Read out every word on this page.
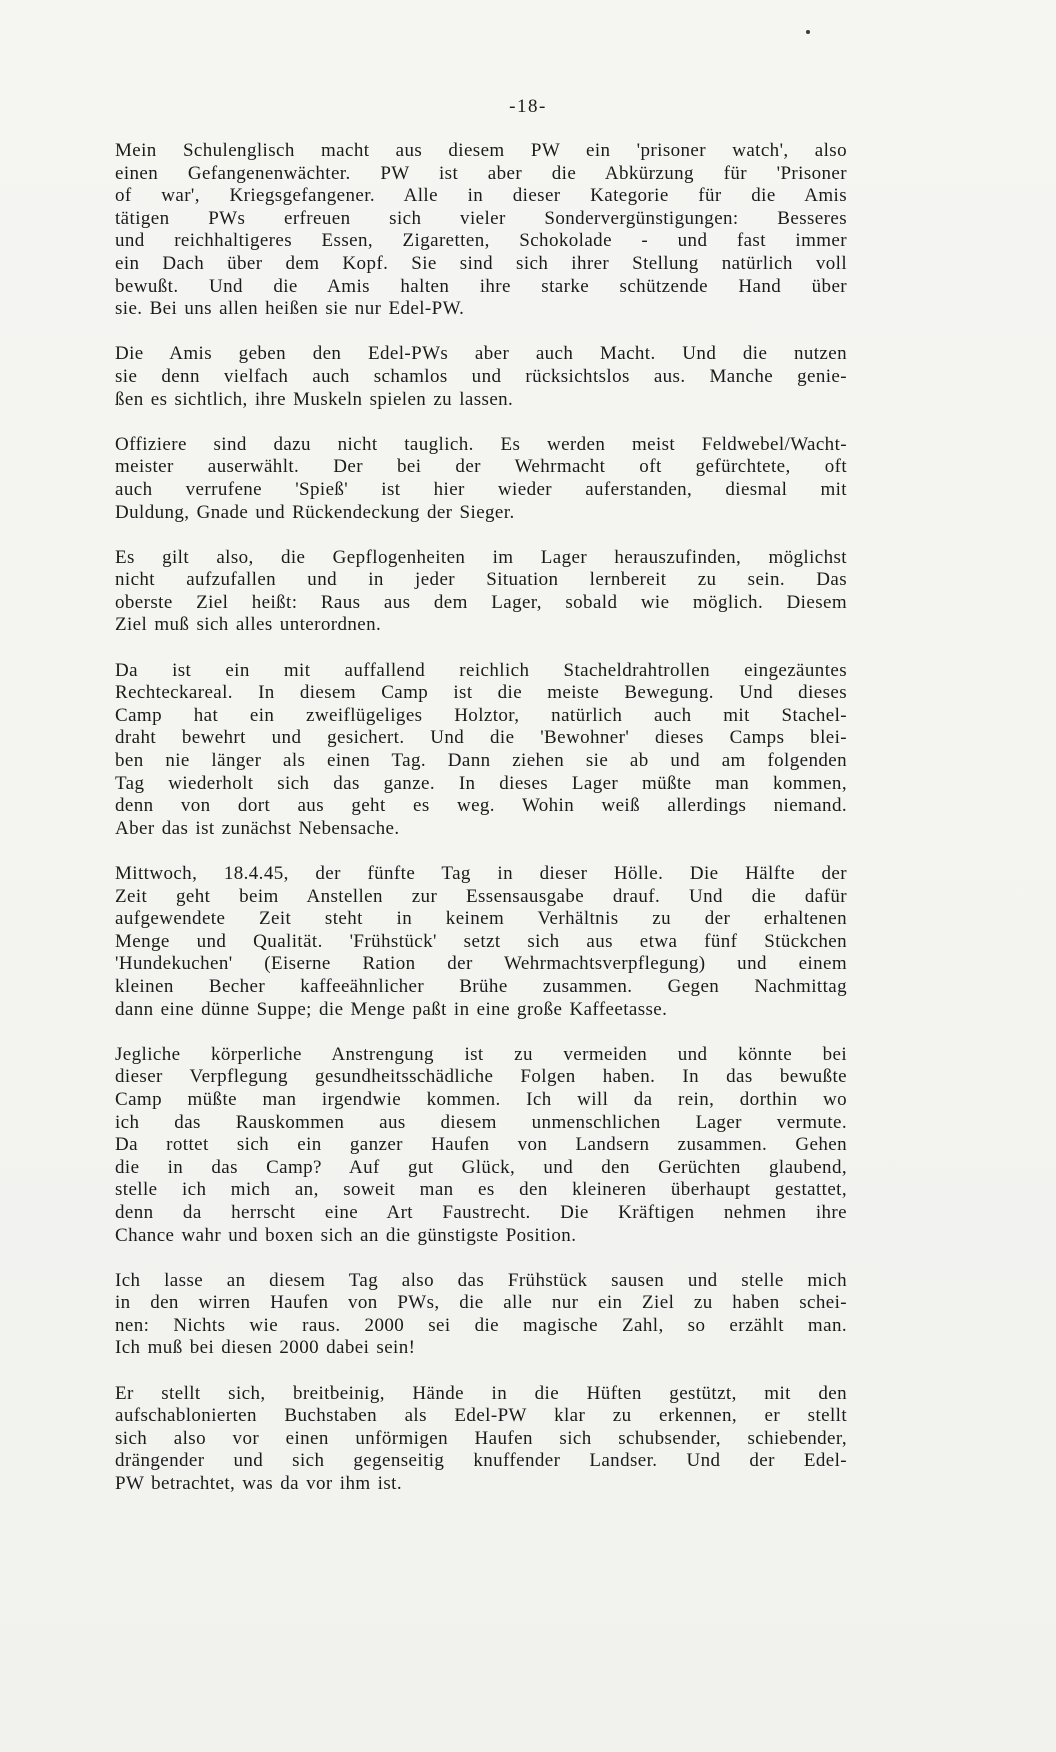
-18-

Mein Schulenglisch macht aus diesem PW ein 'prisoner watch', also
einen Gefangenenwächter. PW ist aber die Abkürzung für 'Prisoner
of war', Kriegsgefangener. Alle in dieser Kategorie für die Amis
tätigen PWs erfreuen sich vieler Sondervergünstigungen: Besseres
und reichhaltigeres Essen, Zigaretten, Schokolade - und fast immer
ein Dach über dem Kopf. Sie sind sich ihrer Stellung natürlich voll
bewußt. Und die Amis halten ihre starke schützende Hand über
sie. Bei uns allen heißen sie nur Edel-PW.

Die Amis geben den Edel-PWs aber auch Macht. Und die nutzen
sie denn vielfach auch schamlos und rücksichtslos aus. Manche genie-
ßen es sichtlich, ihre Muskeln spielen zu lassen.

Offiziere sind dazu nicht tauglich. Es werden meist Feldwebel/Wacht-
meister auserwählt. Der bei der Wehrmacht oft gefürchtete, oft
auch verrufene 'Spieß' ist hier wieder auferstanden, diesmal mit
Duldung, Gnade und Rückendeckung der Sieger.

Es gilt also, die Gepflogenheiten im Lager herauszufinden, möglichst
nicht aufzufallen und in jeder Situation lernbereit zu sein. Das
oberste Ziel heißt: Raus aus dem Lager, sobald wie möglich. Diesem
Ziel muß sich alles unterordnen.

Da ist ein mit auffallend reichlich Stacheldrahtrollen eingezäuntes
Rechteckareal. In diesem Camp ist die meiste Bewegung. Und dieses
Camp hat ein zweiflügeliges Holztor, natürlich auch mit Stachel-
draht bewehrt und gesichert. Und die 'Bewohner' dieses Camps blei-
ben nie länger als einen Tag. Dann ziehen sie ab und am folgenden
Tag wiederholt sich das ganze. In dieses Lager müßte man kommen,
denn von dort aus geht es weg. Wohin weiß allerdings niemand.
Aber das ist zunächst Nebensache.

Mittwoch, 18.4.45, der fünfte Tag in dieser Hölle. Die Hälfte der
Zeit geht beim Anstellen zur Essensausgabe drauf. Und die dafür
aufgewendete Zeit steht in keinem Verhältnis zu der erhaltenen
Menge und Qualität. 'Frühstück' setzt sich aus etwa fünf Stückchen
'Hundekuchen' (Eiserne Ration der Wehrmachtsverpflegung) und einem
kleinen Becher kaffeeähnlicher Brühe zusammen. Gegen Nachmittag
dann eine dünne Suppe; die Menge paßt in eine große Kaffeetasse.

Jegliche körperliche Anstrengung ist zu vermeiden und könnte bei
dieser Verpflegung gesundheitsschädliche Folgen haben. In das bewußte
Camp müßte man irgendwie kommen. Ich will da rein, dorthin wo
ich das Rauskommen aus diesem unmenschlichen Lager vermute.
Da rottet sich ein ganzer Haufen von Landsern zusammen. Gehen
die in das Camp? Auf gut Glück, und den Gerüchten glaubend,
stelle ich mich an, soweit man es den kleineren überhaupt gestattet,
denn da herrscht eine Art Faustrecht. Die Kräftigen nehmen ihre
Chance wahr und boxen sich an die günstigste Position.

Ich lasse an diesem Tag also das Frühstück sausen und stelle mich
in den wirren Haufen von PWs, die alle nur ein Ziel zu haben schei-
nen: Nichts wie raus. 2000 sei die magische Zahl, so erzählt man.
Ich muß bei diesen 2000 dabei sein!

Er stellt sich, breitbeinig, Hände in die Hüften gestützt, mit den
aufschablonierten Buchstaben als Edel-PW klar zu erkennen, er stellt
sich also vor einen unförmigen Haufen sich schubsender, schiebender,
drängender und sich gegenseitig knuffender Landser. Und der Edel-
PW betrachtet, was da vor ihm ist.
